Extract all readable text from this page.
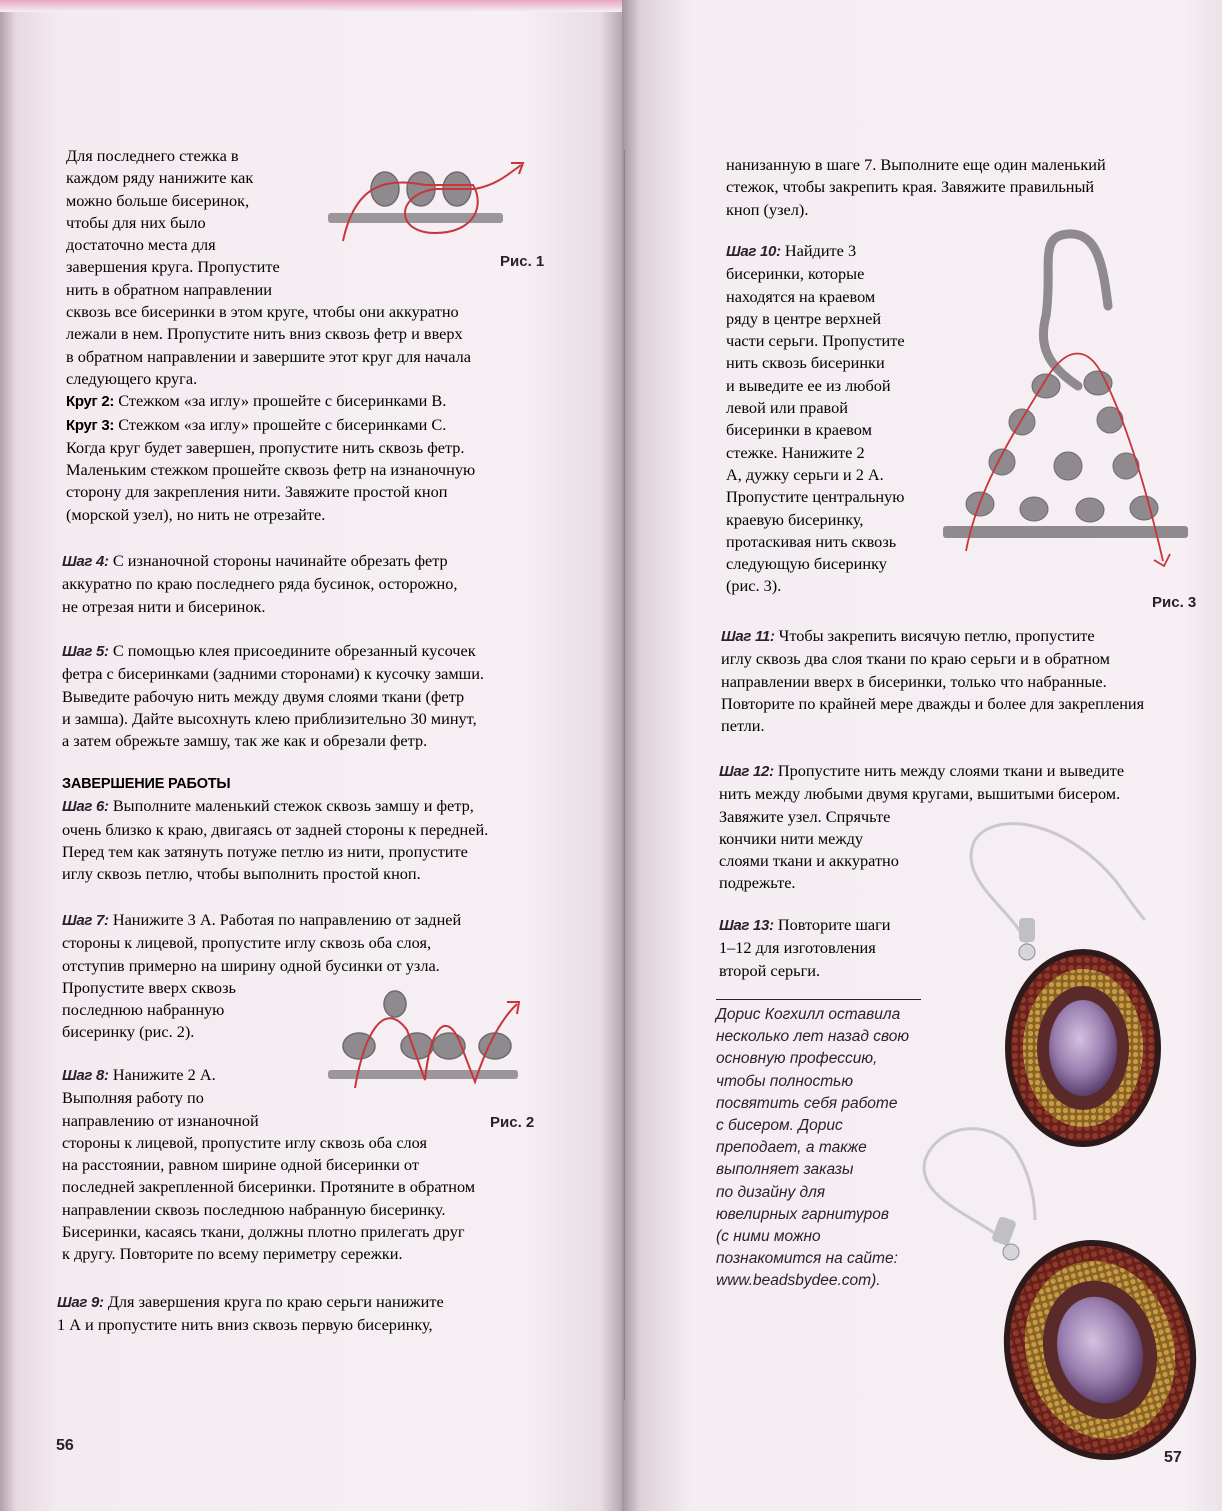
Для последнего стежка в
каждом ряду нанижите как
можно больше бисеринок,
чтобы для них было
достаточно места для
завершения круга. Пропустите
нить в обратном направлении
сквозь все бисеринки в этом круге, чтобы они аккуратно
лежали в нем. Пропустите нить вниз сквозь фетр и вверх
в обратном направлении и завершите этот круг для начала
следующего круга.
Круг 2: Стежком «за иглу» прошейте с бисеринками В.
Круг 3: Стежком «за иглу» прошейте с бисеринками С.
Когда круг будет завершен, пропустите нить сквозь фетр.
Маленьким стежком прошейте сквозь фетр на изнаночную
сторону для закрепления нити. Завяжите простой кноп
(морской узел), но нить не отрезайте.
Шаг 4: С изнаночной стороны начинайте обрезать фетр
аккуратно по краю последнего ряда бусинок, осторожно,
не отрезая нити и бисеринок.
Шаг 5: С помощью клея присоедините обрезанный кусочек
фетра с бисеринками (задними сторонами) к кусочку замши.
Выведите рабочую нить между двумя слоями ткани (фетр
и замша). Дайте высохнуть клею приблизительно 30 минут,
а затем обрежьте замшу, так же как и обрезали фетр.
ЗАВЕРШЕНИЕ РАБОТЫ
Шаг 6: Выполните маленький стежок сквозь замшу и фетр,
очень близко к краю, двигаясь от задней стороны к передней.
Перед тем как затянуть потуже петлю из нити, пропустите
иглу сквозь петлю, чтобы выполнить простой кноп.
Шаг 7: Нанижите 3 А. Работая по направлению от задней
стороны к лицевой, пропустите иглу сквозь оба слоя,
отступив примерно на ширину одной бусинки от узла.
Пропустите вверх сквозь
последнюю набранную
бисеринку (рис. 2).
Шаг 8: Нанижите 2 А.
Выполняя работу по
направлению от изнаночной
стороны к лицевой, пропустите иглу сквозь оба слоя
на расстоянии, равном ширине одной бисеринки от
последней закрепленной бисеринки. Протяните в обратном
направлении сквозь последнюю набранную бисеринку.
Бисеринки, касаясь ткани, должны плотно прилегать друг
к другу. Повторите по всему периметру сережки.
Шаг 9: Для завершения круга по краю серьги нанижите
1 А и пропустите нить вниз сквозь первую бисеринку,
Рис. 1
Рис. 2
56
нанизанную в шаге 7. Выполните еще один маленький
стежок, чтобы закрепить края. Завяжите правильный
кноп (узел).
Шаг 10: Найдите 3
бисеринки, которые
находятся на краевом
ряду в центре верхней
части серьги. Пропустите
нить сквозь бисеринки
и выведите ее из любой
левой или правой
бисеринки в краевом
стежке. Нанижите 2
А, дужку серьги и 2 А.
Пропустите центральную
краевую бисеринку,
протаскивая нить сквозь
следующую бисеринку
(рис. 3).
Рис. 3
Шаг 11: Чтобы закрепить висячую петлю, пропустите
иглу сквозь два слоя ткани по краю серьги и в обратном
направлении вверх в бисеринки, только что набранные.
Повторите по крайней мере дважды и более для закрепления
петли.
Шаг 12: Пропустите нить между слоями ткани и выведите
нить между любыми двумя кругами, вышитыми бисером.
Завяжите узел. Спрячьте
кончики нити между
слоями ткани и аккуратно
подрежьте.
Шаг 13: Повторите шаги
1–12 для изготовления
второй серьги.
Дорис Когхилл оставила
несколько лет назад свою
основную профессию,
чтобы полностью
посвятить себя работе
с бисером. Дорис
преподает, а также
выполняет заказы
по дизайну для
ювелирных гарнитуров
(с ними можно
познакомится на сайте:
www.beadsbydee.com).
57
